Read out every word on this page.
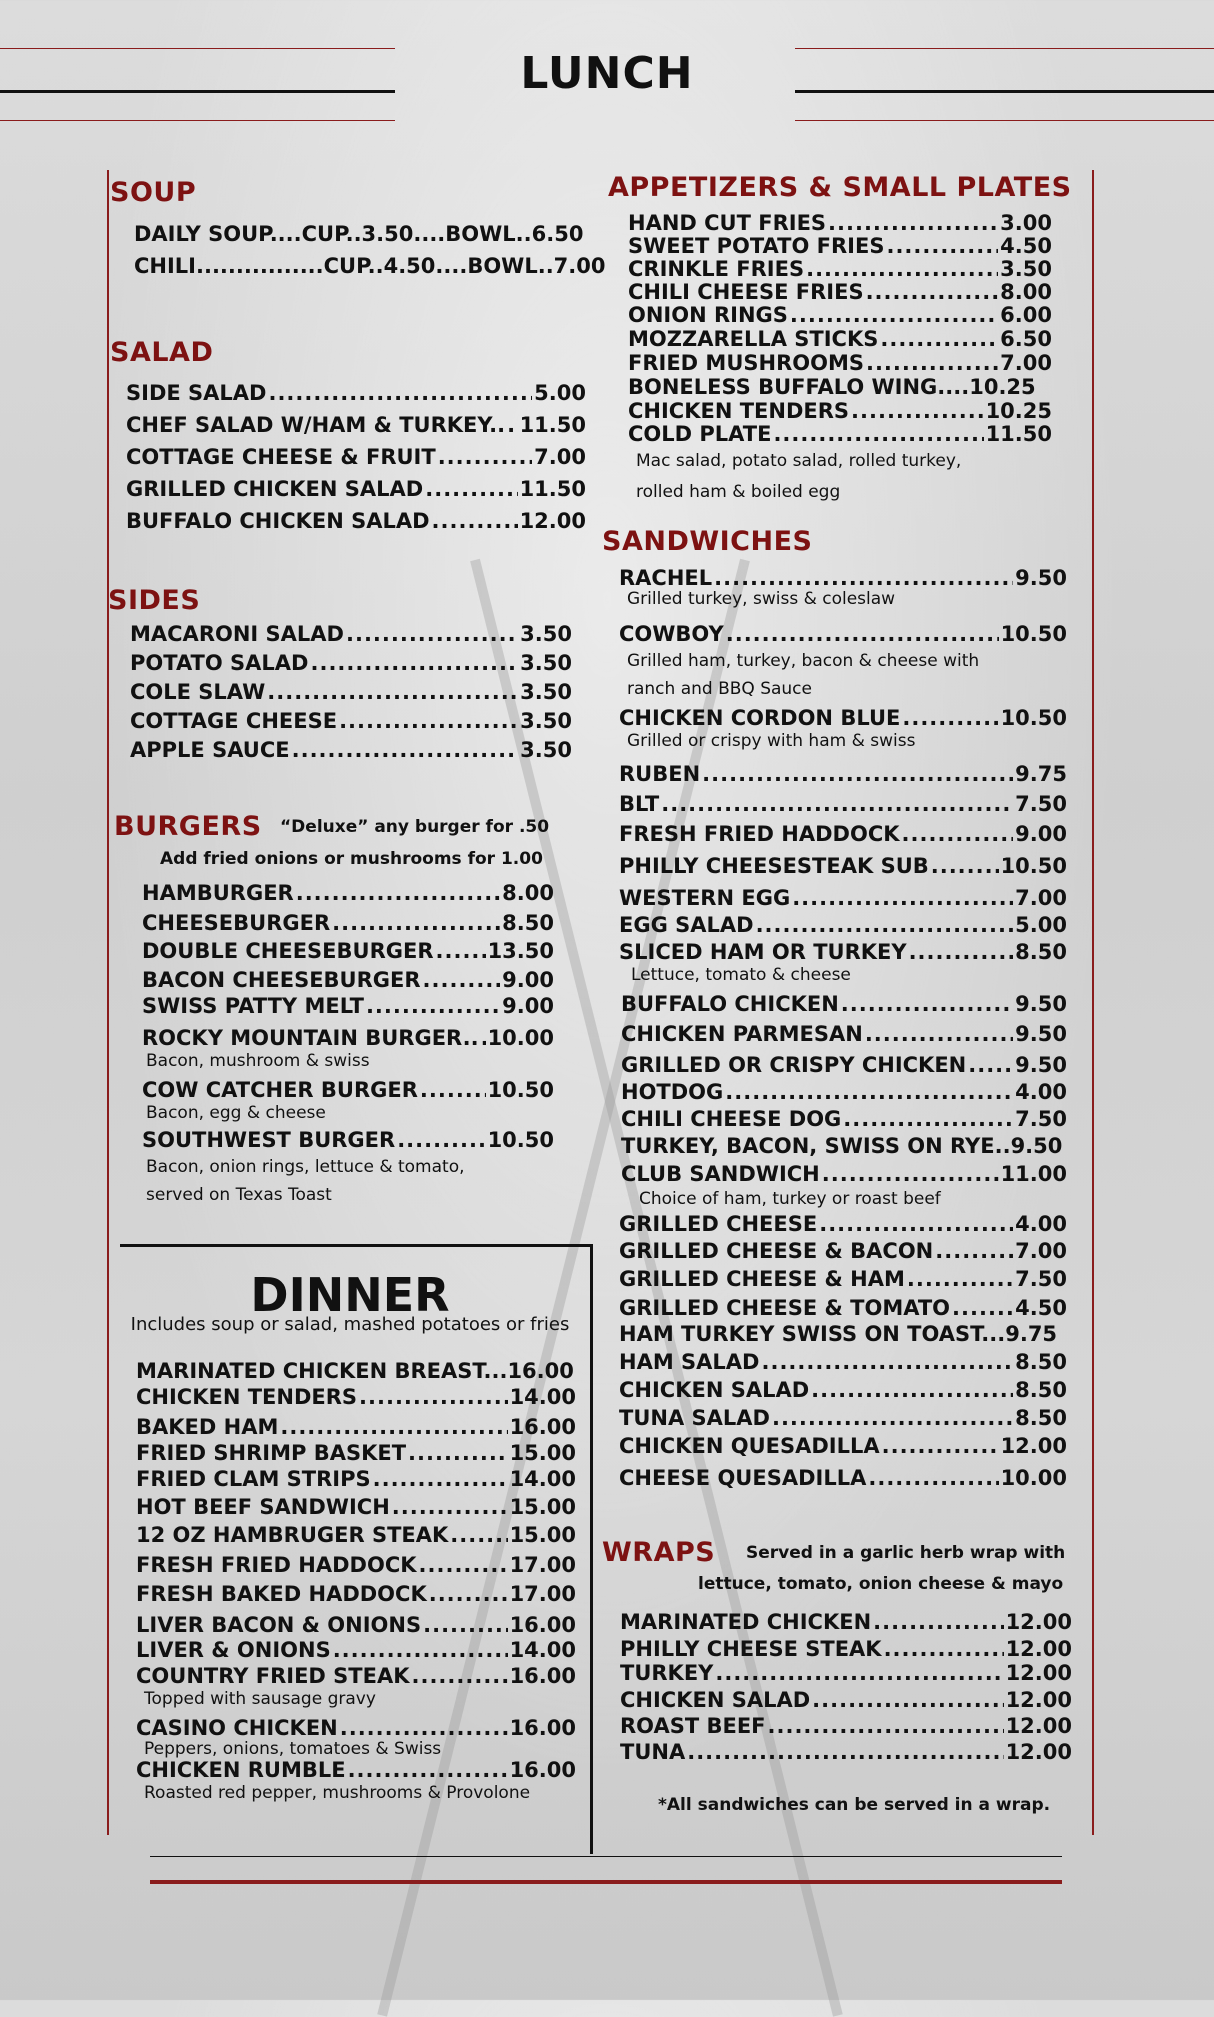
LUNCH
SOUP
DAILY SOUP....CUP..3.50....BOWL.. 6.50
CHILI................CUP..4.50....BOWL.. 7.00
SALAD
SIDE SALAD .....	5.00
CHEF SALAD W/HAM & TURKEY.. ..... 11.50
COTTAGE CHEESE & FRUIT .....	7.00
GRILLED CHICKEN SALAD .....	11.50
BUFFALO CHICKEN SALAD .....	12.00
SIDES
MACARONI SALAD .....	3.50
POTATO SALAD .....	3.50
COLE SLAW .....	3.50
COTTAGE CHEESE .....	3.50
APPLE SAUCE .....	3.50
BURGERS “Deluxe” any burger for .50
Add fried onions or mushrooms for 1.00
HAMBURGER .....	8.00
CHEESEBURGER .....	8.50
DOUBLE CHEESEBURGER .....	13.50
BACON CHEESEBURGER .....	9.00
SWISS PATTY MELT .....	9.00
ROCKY MOUNTAIN BURGER.. ..... 10.00
Bacon, mushroom & swiss
COW CATCHER BURGER .....	10.50
Bacon, egg & cheese
SOUTHWEST BURGER .....	10.50
Bacon, onion rings, lettuce & tomato,
served on Texas Toast
DINNER
Includes soup or salad, mashed potatoes or fries
MARINATED CHICKEN BREAST... 16.00
CHICKEN TENDERS .....	14.00
BAKED HAM .....	16.00
FRIED SHRIMP BASKET .....	15.00
FRIED CLAM STRIPS .....	14.00
HOT BEEF SANDWICH .....	15.00
12 OZ HAMBRUGER STEAK .....	15.00
FRESH FRIED HADDOCK .....	17.00
FRESH BAKED HADDOCK .....	17.00
LIVER BACON & ONIONS .....	16.00
LIVER & ONIONS .....	14.00
COUNTRY FRIED STEAK .....	16.00
Topped with sausage gravy
CASINO CHICKEN .....	16.00
Peppers, onions, tomatoes & Swiss
CHICKEN RUMBLE .....	16.00
Roasted red pepper, mushrooms & Provolone
APPETIZERS & SMALL PLATES
HAND CUT FRIES .....	3.00
SWEET POTATO FRIES .....	4.50
CRINKLE FRIES .....	3.50
CHILI CHEESE FRIES .....	8.00
ONION RINGS .....	6.00
MOZZARELLA STICKS .....	6.50
FRIED MUSHROOMS .....	7.00
BONELESS BUFFALO WING.... 10.25
CHICKEN TENDERS .....	10.25
COLD PLATE .....	11.50
Mac salad, potato salad, rolled turkey,
rolled ham & boiled egg
SANDWICHES
RACHEL .....	9.50
Grilled turkey, swiss & coleslaw
COWBOY .....	10.50
Grilled ham, turkey, bacon & cheese with
ranch and BBQ Sauce
CHICKEN CORDON BLUE .....	10.50
Grilled or crispy with ham & swiss
RUBEN .....	9.75
BLT .....	7.50
FRESH FRIED HADDOCK .....	9.00
PHILLY CHEESESTEAK SUB .....	10.50
WESTERN EGG .....	7.00
EGG SALAD .....	5.00
SLICED HAM OR TURKEY .....	8.50
Lettuce, tomato & cheese
BUFFALO CHICKEN .....	9.50
CHICKEN PARMESAN .....	9.50
GRILLED OR CRISPY CHICKEN ..... 9.50
HOTDOG .....	4.00
CHILI CHEESE DOG .....	7.50
TURKEY, BACON, SWISS ON RYE.. 9.50
CLUB SANDWICH .....	11.00
Choice of ham, turkey or roast beef
GRILLED CHEESE .....	4.00
GRILLED CHEESE & BACON .....	7.00
GRILLED CHEESE & HAM .....	7.50
GRILLED CHEESE & TOMATO .....	4.50
HAM TURKEY SWISS ON TOAST... 9.75
HAM SALAD .....	8.50
CHICKEN SALAD .....	8.50
TUNA SALAD .....	8.50
CHICKEN QUESADILLA .....	12.00
CHEESE QUESADILLA .....	10.00
WRAPS Served in a garlic herb wrap with
lettuce, tomato, onion cheese & mayo
MARINATED CHICKEN .....	12.00
PHILLY CHEESE STEAK .....	12.00
TURKEY .....	12.00
CHICKEN SALAD .....	12.00
ROAST BEEF .....	12.00
TUNA .....	12.00
*All sandwiches can be served in a wrap.
